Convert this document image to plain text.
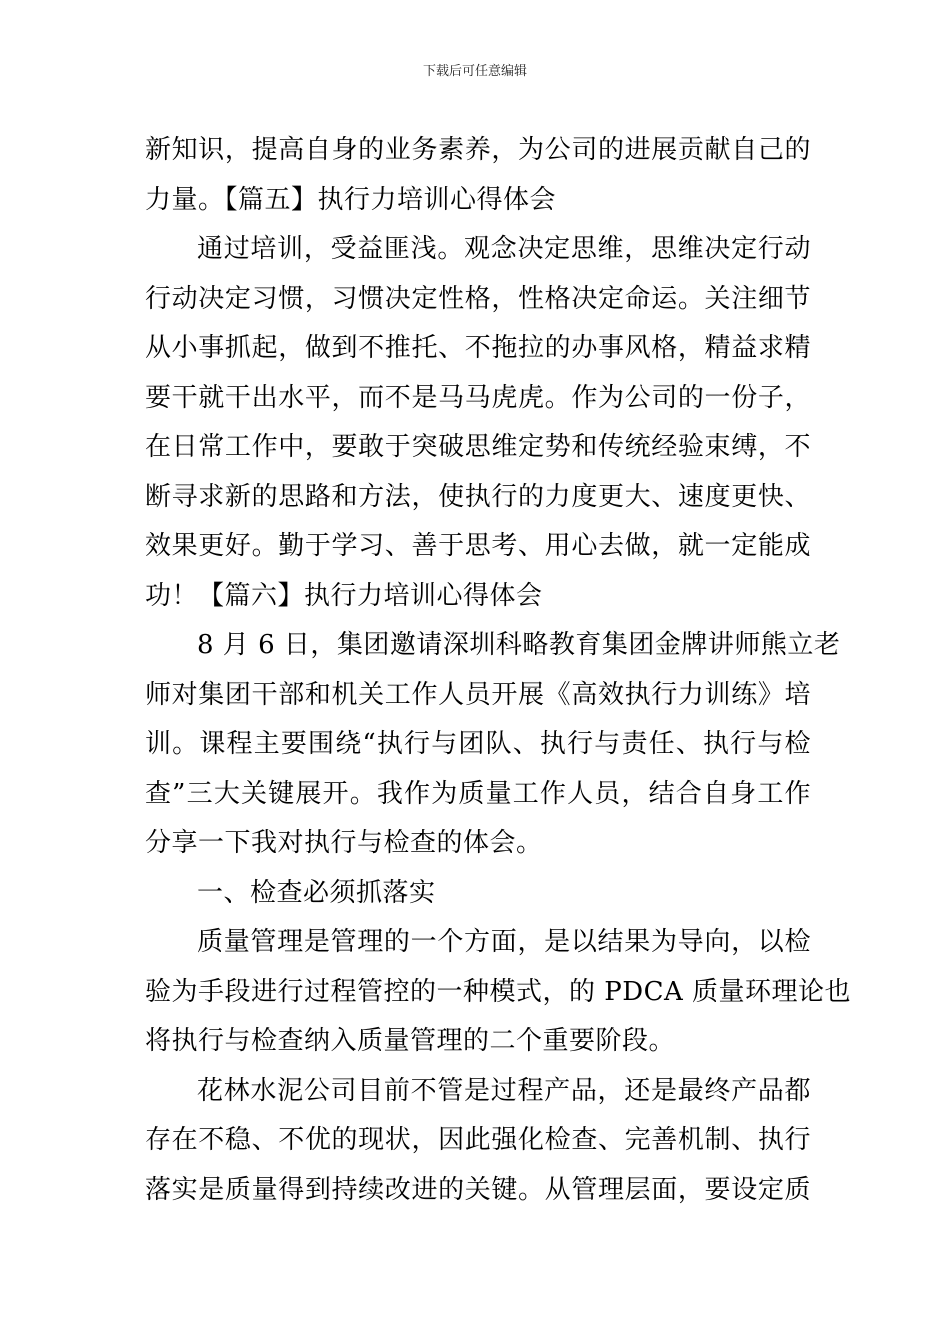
下载后可任意编辑
新知识，提高自身的业务素养，为公司的进展贡献自己的
力量。【篇五】执行力培训心得体会
通过培训，受益匪浅。观念决定思维，思维决定行动
行动决定习惯，习惯决定性格，性格决定命运。关注细节
从小事抓起，做到不推托、不拖拉的办事风格，精益求精
要干就干出水平，而不是马马虎虎。作为公司的一份子，
在日常工作中，要敢于突破思维定势和传统经验束缚，不
断寻求新的思路和方法，使执行的力度更大、速度更快、
效果更好。勤于学习、善于思考、用心去做，就一定能成
功！【篇六】执行力培训心得体会
8 月 6 日，集团邀请深圳科略教育集团金牌讲师熊立老
师对集团干部和机关工作人员开展《高效执行力训练》培
训。课程主要围绕“执行与团队、执行与责任、执行与检
查”三大关键展开。我作为质量工作人员，结合自身工作
分享一下我对执行与检查的体会。
一、检查必须抓落实
质量管理是管理的一个方面，是以结果为导向，以检
验为手段进行过程管控的一种模式，的 PDCA 质量环理论也
将执行与检查纳入质量管理的二个重要阶段。
花林水泥公司目前不管是过程产品，还是最终产品都
存在不稳、不优的现状，因此强化检查、完善机制、执行
落实是质量得到持续改进的关键。从管理层面，要设定质
